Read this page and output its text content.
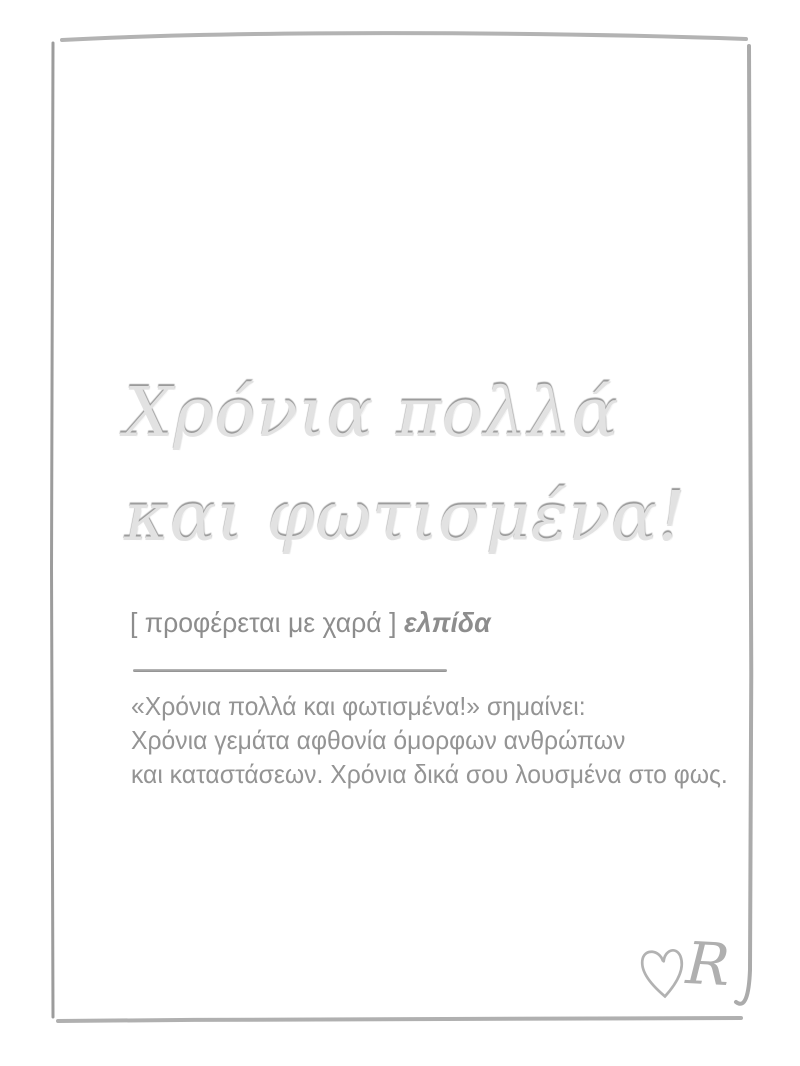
Χρόνια πολλά
και φωτισμένα!
[ προφέρεται με χαρά ] ελπίδα
«Χρόνια πολλά και φωτισμένα!» σημαίνει:
Χρόνια γεμάτα αφθονία όμορφων ανθρώπων
και καταστάσεων. Χρόνια δικά σου λουσμένα στο φως.
R
